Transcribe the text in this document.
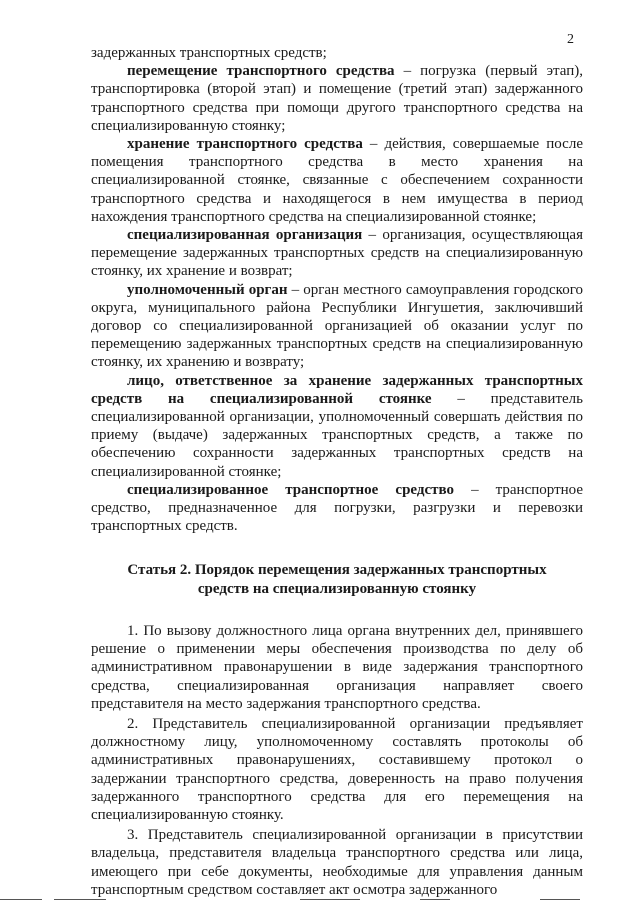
2

задержанных транспортных средств;

перемещение транспортного средства – погрузка (первый этап), транспортировка (второй этап) и помещение (третий этап) задержанного транспортного средства при помощи другого транспортного средства на специализированную стоянку;

хранение транспортного средства – действия, совершаемые после помещения транспортного средства в место хранения на специализированной стоянке, связанные с обеспечением сохранности транспортного средства и находящегося в нем имущества в период нахождения транспортного средства на специализированной стоянке;

специализированная организация – организация, осуществляющая перемещение задержанных транспортных средств на специализированную стоянку, их хранение и возврат;

уполномоченный орган – орган местного самоуправления городского округа, муниципального района Республики Ингушетия, заключивший договор со специализированной организацией об оказании услуг по перемещению задержанных транспортных средств на специализированную стоянку, их хранению и возврату;

лицо, ответственное за хранение задержанных транспортных средств на специализированной стоянке – представитель специализированной организации, уполномоченный совершать действия по приему (выдаче) задержанных транспортных средств, а также по обеспечению сохранности задержанных транспортных средств на специализированной стоянке;

специализированное транспортное средство – транспортное средство, предназначенное для погрузки, разгрузки и перевозки транспортных средств.

Статья 2. Порядок перемещения задержанных транспортных средств на специализированную стоянку

1. По вызову должностного лица органа внутренних дел, принявшего решение о применении меры обеспечения производства по делу об административном правонарушении в виде задержания транспортного средства, специализированная организация направляет своего представителя на место задержания транспортного средства.

2. Представитель специализированной организации предъявляет должностному лицу, уполномоченному составлять протоколы об административных правонарушениях, составившему протокол о задержании транспортного средства, доверенность на право получения задержанного транспортного средства для его перемещения на специализированную стоянку.

3. Представитель специализированной организации в присутствии владельца, представителя владельца транспортного средства или лица, имеющего при себе документы, необходимые для управления данным транспортным средством составляет акт осмотра задержанного
